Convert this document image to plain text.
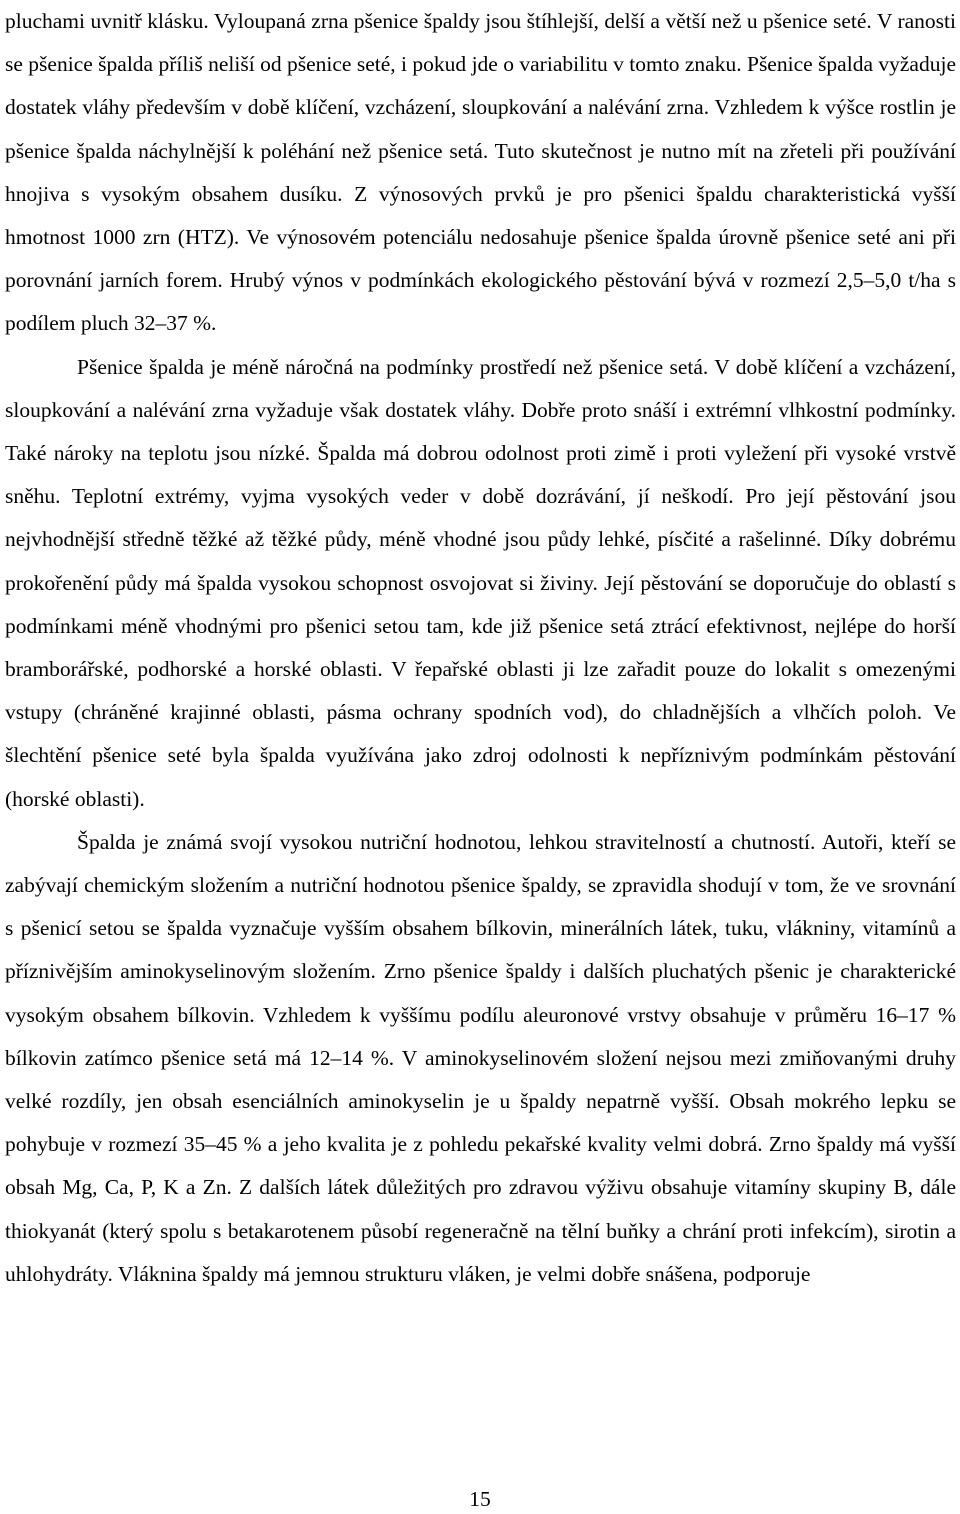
pluchami uvnitř klásku. Vyloupaná zrna pšenice špaldy jsou štíhlejší, delší a větší než u pšenice seté. V ranosti se pšenice špalda příliš neliší od pšenice seté, i pokud jde o variabilitu v tomto znaku. Pšenice špalda vyžaduje dostatek vláhy především v době klíčení, vzcházení, sloupkování a nalévání zrna. Vzhledem k výšce rostlin je pšenice špalda náchylnější k poléhání než pšenice setá. Tuto skutečnost je nutno mít na zřeteli při používání hnojiva s vysokým obsahem dusíku. Z výnosových prvků je pro pšenici špaldu charakteristická vyšší hmotnost 1000 zrn (HTZ). Ve výnosovém potenciálu nedosahuje pšenice špalda úrovně pšenice seté ani při porovnání jarních forem. Hrubý výnos v podmínkách ekologického pěstování bývá v rozmezí 2,5–5,0 t/ha s podílem pluch 32–37 %.

Pšenice špalda je méně náročná na podmínky prostředí než pšenice setá. V době klíčení a vzcházení, sloupkování a nalévání zrna vyžaduje však dostatek vláhy. Dobře proto snáší i extrémní vlhkostní podmínky. Také nároky na teplotu jsou nízké. Špalda má dobrou odolnost proti zimě i proti vyležení při vysoké vrstvě sněhu. Teplotní extrémy, vyjma vysokých veder v době dozrávání, jí neškodí. Pro její pěstování jsou nejvhodnější středně těžké až těžké půdy, méně vhodné jsou půdy lehké, písčité a rašelinné. Díky dobrému prokořenění půdy má špalda vysokou schopnost osvojovat si živiny. Její pěstování se doporučuje do oblastí s podmínkami méně vhodnými pro pšenici setou tam, kde již pšenice setá ztrácí efektivnost, nejlépe do horší bramborářské, podhorské a horské oblasti. V řepařské oblasti ji lze zařadit pouze do lokalit s omezenými vstupy (chráněné krajinné oblasti, pásma ochrany spodních vod), do chladnějších a vlhčích poloh. Ve šlechtění pšenice seté byla špalda využívána jako zdroj odolnosti k nepříznivým podmínkám pěstování (horské oblasti).

Špalda je známá svojí vysokou nutriční hodnotou, lehkou stravitelností a chutností. Autoři, kteří se zabývají chemickým složením a nutriční hodnotou pšenice špaldy, se zpravidla shodují v tom, že ve srovnání s pšenicí setou se špalda vyznačuje vyšším obsahem bílkovin, minerálních látek, tuku, vlákniny, vitamínů a příznivějším aminokyselinovým složením. Zrno pšenice špaldy i dalších pluchatých pšenic je charakterické vysokým obsahem bílkovin. Vzhledem k vyššímu podílu aleuronové vrstvy obsahuje v průměru 16–17 % bílkovin zatímco pšenice setá má 12–14 %. V aminokyselinovém složení nejsou mezi zmiňovanými druhy velké rozdíly, jen obsah esenciálních aminokyselin je u špaldy nepatrně vyšší. Obsah mokrého lepku se pohybuje v rozmezí 35–45 % a jeho kvalita je z pohledu pekařské kvality velmi dobrá. Zrno špaldy má vyšší obsah Mg, Ca, P, K a Zn. Z dalších látek důležitých pro zdravou výživu obsahuje vitamíny skupiny B, dále thiokyanát (který spolu s betakarotenem působí regeneračně na tělní buňky a chrání proti infekcím), sirotin a uhlohydráty. Vláknina špaldy má jemnou strukturu vláken, je velmi dobře snášena, podporuje

15
